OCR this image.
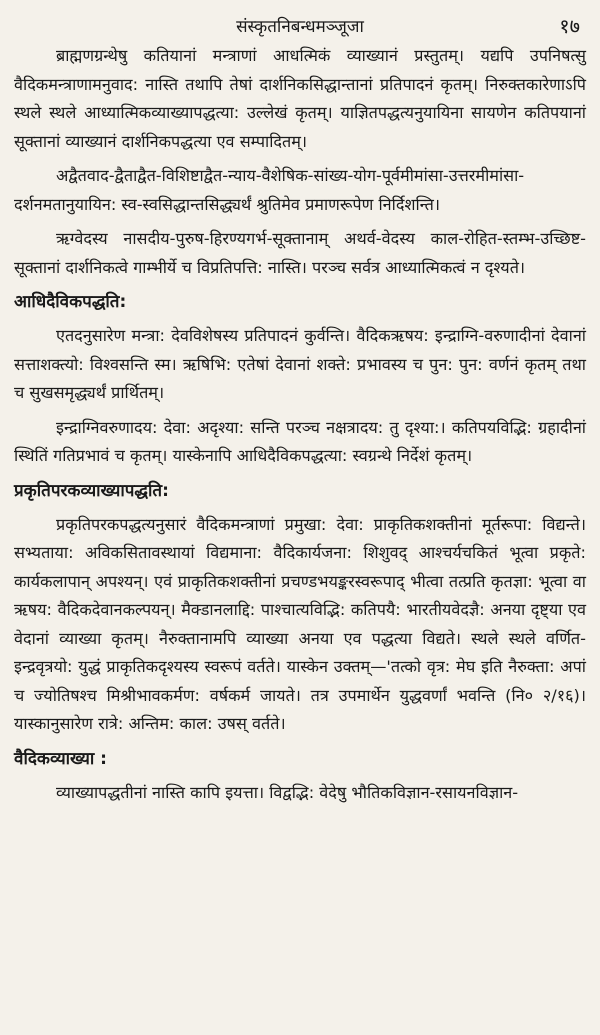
संस्कृतनिबन्धमञ्जूजा	१७

ब्राह्मणग्रन्थेषु कतियानां मन्त्राणां आधत्मिकं व्याख्यानं प्रस्तुतम्। यद्यपि उपनिषत्सु वैदिकमन्त्राणामनुवाद: नास्ति तथापि तेषां दार्शनिकसिद्धान्तानां प्रतिपादनं कृतम्। निरुक्तकारेणाऽपि स्थले स्थले आध्यात्मिकव्याख्यापद्धत्या: उल्लेखं कृतम्। याज्ञितपद्धत्यनुयायिना सायणेन कतिपयानां सूक्तानां व्याख्यानं दार्शनिकपद्धत्या एव सम्पादितम्।

अद्वैतवाद-द्वैताद्वैत-विशिष्टाद्वैत-न्याय-वैशेषिक-सांख्य-योग-पूर्वमीमांसा-उत्तरमीमांसा-दर्शनमतानुयायिन: स्व-स्वसिद्धान्तसिद्ध्यर्थं श्रुतिमेव प्रमाणरूपेण निर्दिशन्ति।

ऋग्वेदस्य नासदीय-पुरुष-हिरण्यगर्भ-सूक्तानाम् अथर्व-वेदस्य काल-रोहित-स्तम्भ-उच्छिष्ट-सूक्तानां दार्शनिकत्वे गाम्भीर्ये च विप्रतिपत्ति: नास्ति। परञ्च सर्वत्र आध्यात्मिकत्वं न दृश्यते।

आधिदैविकपद्धति:

एतदनुसारेण मन्त्रा: देवविशेषस्य प्रतिपादनं कुर्वन्ति। वैदिकऋषय: इन्द्राग्नि-वरुणादीनां देवानां सत्ताशक्त्यो: विश्वसन्ति स्म। ऋषिभि: एतेषां देवानां शक्ते: प्रभावस्य च पुन: पुन: वर्णनं कृतम् तथा च सुखसमृद्ध्यर्थं प्रार्थितम्।

इन्द्राग्निवरुणादय: देवा: अदृश्या: सन्ति परञ्च नक्षत्रादय: तु दृश्या:। कतिपयविद्भि: ग्रहादीनां स्थितिं गतिप्रभावं च कृतम्। यास्केनापि आधिदैविकपद्धत्या: स्वग्रन्थे निर्देशं कृतम्।

प्रकृतिपरकव्याख्यापद्धति:

प्रकृतिपरकपद्धत्यनुसारं वैदिकमन्त्राणां प्रमुखा: देवा: प्राकृतिकशक्तीनां मूर्तरूपा: विद्यन्ते। सभ्यताया: अविकसितावस्थायां विद्यमाना: वैदिकार्यजना: शिशुवद् आश्चर्यचकितं भूत्वा प्रकृते: कार्यकलापान् अपश्यन्। एवं प्राकृतिकशक्तीनां प्रचण्डभयङ्करस्वरूपाद् भीत्वा तत्प्रति कृतज्ञा: भूत्वा वा ऋषय: वैदिकदेवानकल्पयन्। मैक्डानलाद्दि: पाश्चात्यविद्भि: कतिपयै: भारतीयवेदज्ञै: अनया दृष्ट्या एव वेदानां व्याख्या कृतम्। नैरुक्तानामपि व्याख्या अनया एव पद्धत्या विद्यते। स्थले स्थले वर्णित-इन्द्रवृत्रयो: युद्धं प्राकृतिकदृश्यस्य स्वरूपं वर्तते। यास्केन उक्तम्—'तत्को वृत्र: मेघ इति नैरुक्ता: अपां च ज्योतिषश्च मिश्रीभावकर्मण: वर्षकर्म जायते। तत्र उपमार्थेन युद्धवर्णां भवन्ति (नि० २/१६)। यास्कानुसारेण रात्रे: अन्तिम: काल: उषस् वर्तते।

वैदिकव्याख्या :

व्याख्यापद्धतीनां नास्ति कापि इयत्ता। विद्वद्भि: वेदेषु भौतिकविज्ञान-रसायनविज्ञान-
